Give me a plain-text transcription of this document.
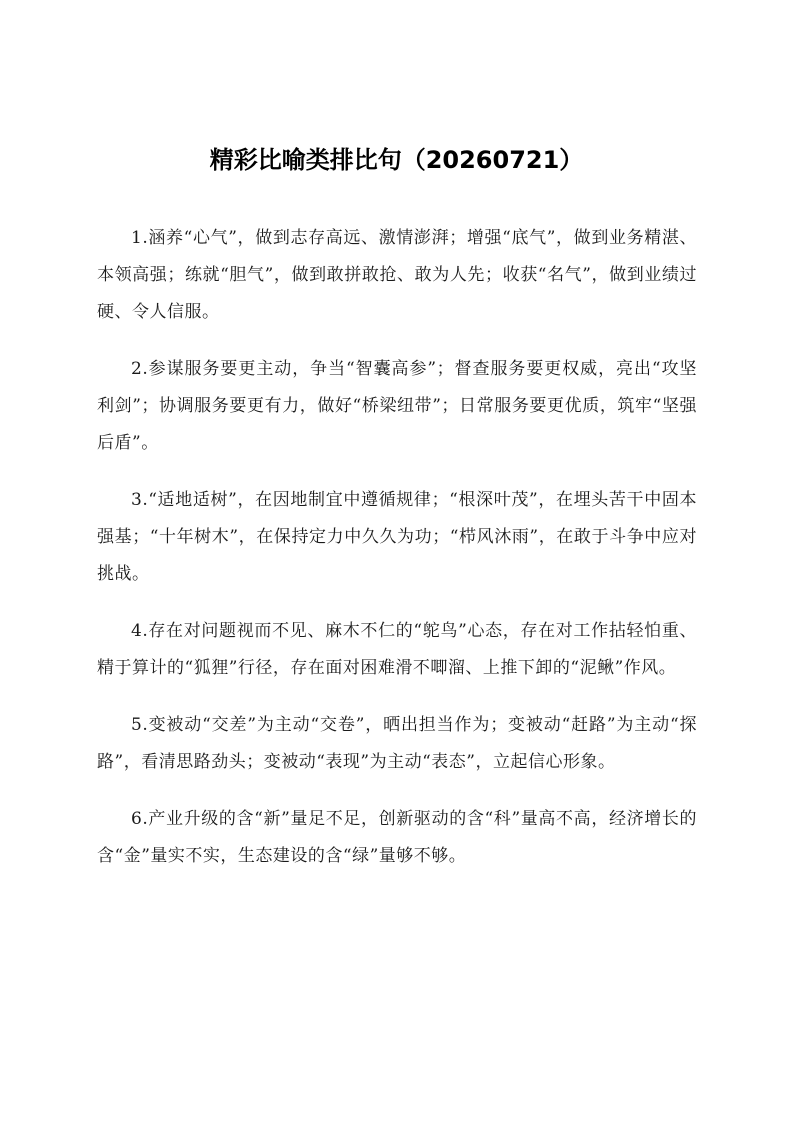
精彩比喻类排比句（20260721）

1.涵养“心气”，做到志存高远、激情澎湃；增强“底气”，做到业务精湛、本领高强；练就“胆气”，做到敢拼敢抢、敢为人先；收获“名气”，做到业绩过硬、令人信服。

2.参谋服务要更主动，争当“智囊高参”；督查服务要更权威，亮出“攻坚利剑”；协调服务要更有力，做好“桥梁纽带”；日常服务要更优质，筑牢“坚强后盾”。

3.“适地适树”，在因地制宜中遵循规律；“根深叶茂”，在埋头苦干中固本强基；“十年树木”，在保持定力中久久为功；“栉风沐雨”，在敢于斗争中应对挑战。

4.存在对问题视而不见、麻木不仁的“鸵鸟”心态，存在对工作拈轻怕重、精于算计的“狐狸”行径，存在面对困难滑不唧溜、上推下卸的“泥鳅”作风。

5.变被动“交差”为主动“交卷”，晒出担当作为；变被动“赶路”为主动“探路”，看清思路劲头；变被动“表现”为主动“表态”，立起信心形象。

6.产业升级的含“新”量足不足，创新驱动的含“科”量高不高，经济增长的含“金”量实不实，生态建设的含“绿”量够不够。
